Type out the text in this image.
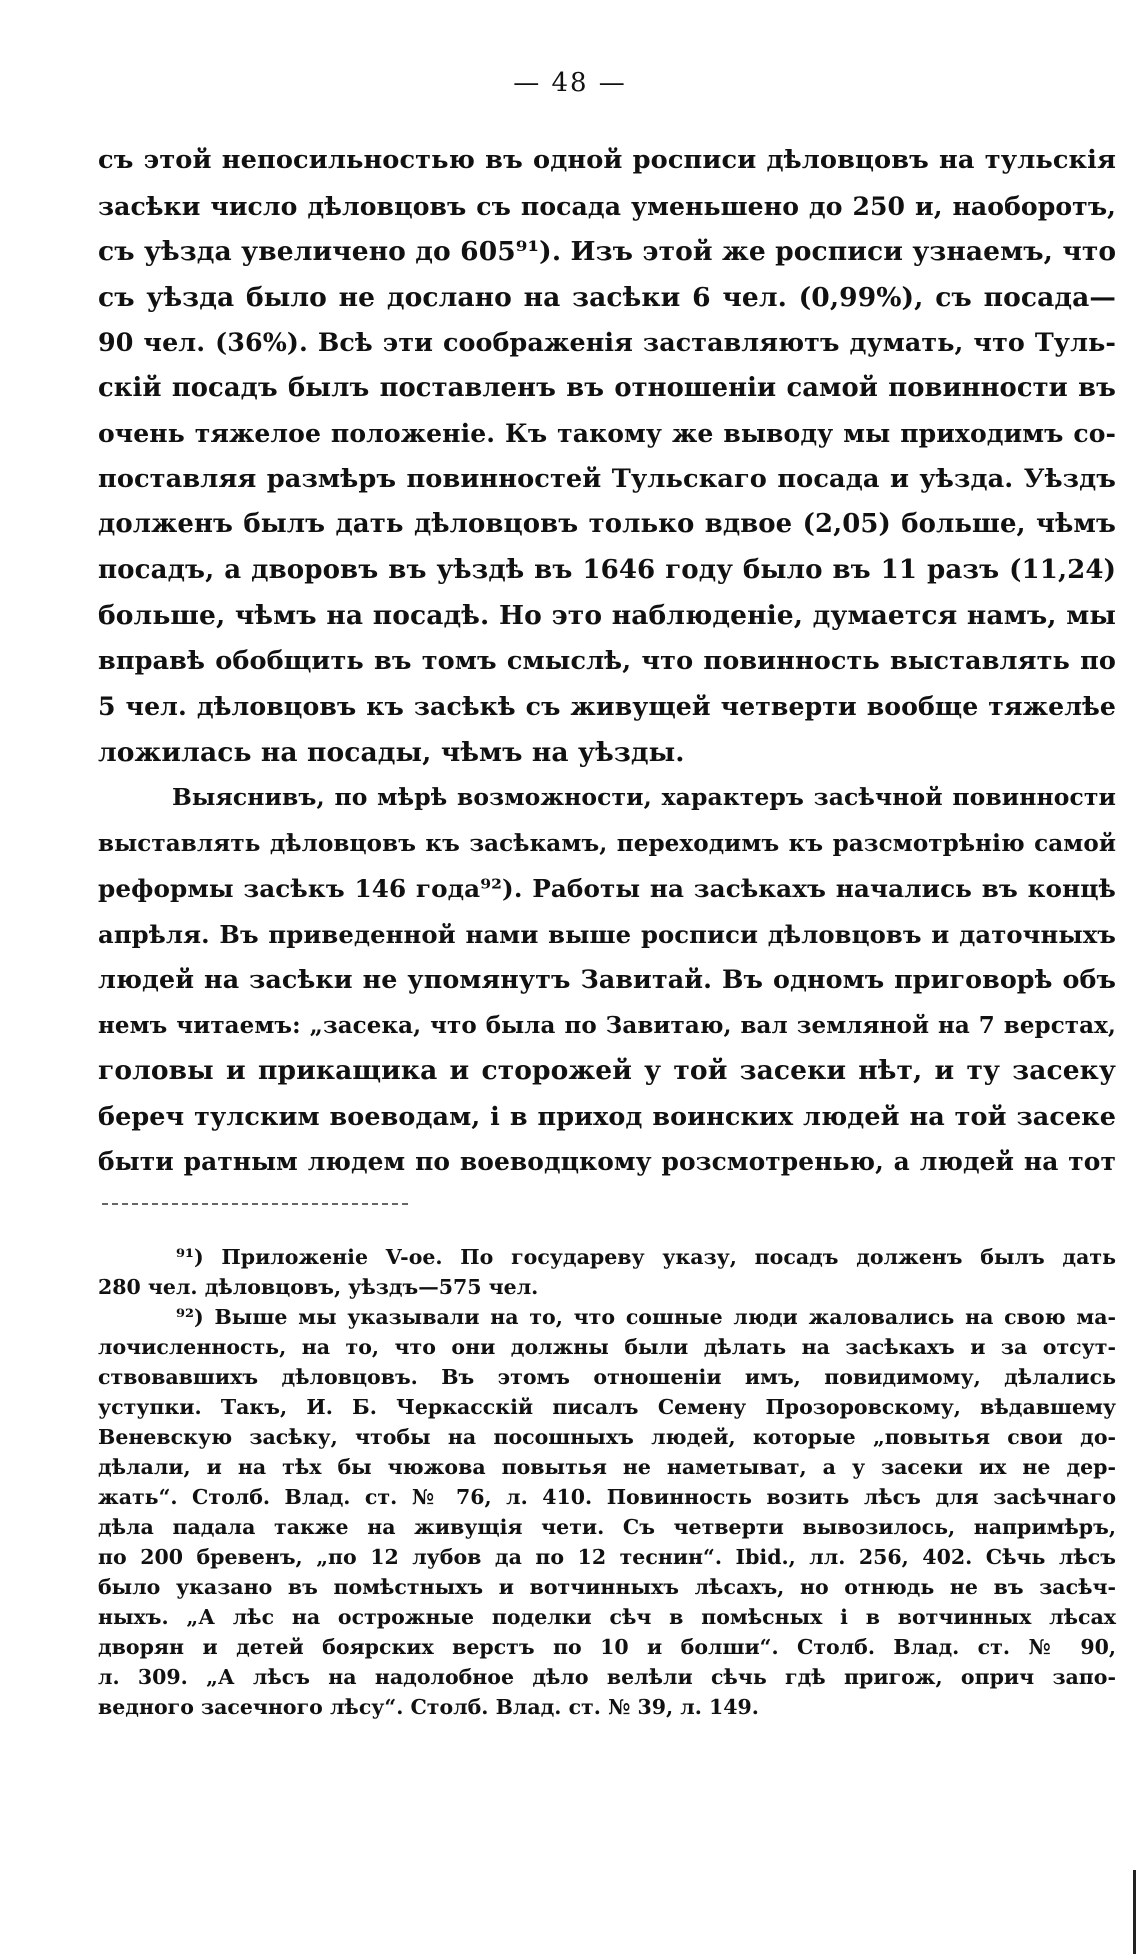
— 48 —
съ этой непосильностью въ одной росписи дѣловцовъ на тульскія
засѣки число дѣловцовъ съ посада уменьшено до 250 и, наоборотъ,
съ уѣзда увеличено до 605⁹¹). Изъ этой же росписи узнаемъ, что
съ уѣзда было не дослано на засѣки 6 чел. (0,99%), съ посада—
90 чел. (36%). Всѣ эти соображенія заставляютъ думать, что Туль-
скій посадъ былъ поставленъ въ отношеніи самой повинности въ
очень тяжелое положеніе. Къ такому же выводу мы приходимъ со-
поставляя размѣръ повинностей Тульскаго посада и уѣзда. Уѣздъ
долженъ былъ дать дѣловцовъ только вдвое (2,05) больше, чѣмъ
посадъ, а дворовъ въ уѣздѣ въ 1646 году было въ 11 разъ (11,24)
больше, чѣмъ на посадѣ. Но это наблюденіе, думается намъ, мы
вправѣ обобщить въ томъ смыслѣ, что повинность выставлять по
5 чел. дѣловцовъ къ засѣкѣ съ живущей четверти вообще тяжелѣе
ложилась на посады, чѣмъ на уѣзды.
Выяснивъ, по мѣрѣ возможности, характеръ засѣчной повинности
выставлять дѣловцовъ къ засѣкамъ, переходимъ къ разсмотрѣнію самой
реформы засѣкъ 146 года⁹²). Работы на засѣкахъ начались въ концѣ
апрѣля. Въ приведенной нами выше росписи дѣловцовъ и даточныхъ
людей на засѣки не упомянутъ Завитай. Въ одномъ приговорѣ объ
немъ читаемъ: „засека, что была по Завитаю, вал земляной на 7 верстах,
головы и прикащика и сторожей у той засеки нѣт, и ту засеку
береч тулским воеводам, і в приход воинских людей на той засеке
быти ратным людем по воеводцкому розсмотренью, а людей на тот
⁹¹) Приложеніе V-ое. По государеву указу, посадъ долженъ былъ дать
280 чел. дѣловцовъ, уѣздъ—575 чел.
⁹²) Выше мы указывали на то, что сошные люди жаловались на свою ма-
лочисленность, на то, что они должны были дѣлать на засѣкахъ и за отсут-
ствовавшихъ дѣловцовъ. Въ этомъ отношеніи имъ, повидимому, дѣлались
уступки. Такъ, И. Б. Черкасскій писалъ Семену Прозоровскому, вѣдавшему
Веневскую засѣку, чтобы на посошныхъ людей, которые „повытья свои до-
дѣлали, и на тѣх бы чюжова повытья не наметыват, а у засеки их не дер-
жать“. Столб. Влад. ст. № 76, л. 410. Повинность возить лѣсъ для засѣчнаго
дѣла падала также на живущія чети. Съ четверти вывозилось, напримѣръ,
по 200 бревенъ, „по 12 лубов да по 12 теснин“. Ibid., лл. 256, 402. Сѣчь лѣсъ
было указано въ помѣстныхъ и вотчинныхъ лѣсахъ, но отнюдь не въ засѣч-
ныхъ. „А лѣс на острожные поделки сѣч в помѣсных і в вотчинных лѣсах
дворян и детей боярских верстъ по 10 и болши“. Столб. Влад. ст. № 90,
л. 309. „А лѣсъ на надолобное дѣло велѣли сѣчь гдѣ пригож, оприч запо-
ведного засечного лѣсу“. Столб. Влад. ст. № 39, л. 149.
